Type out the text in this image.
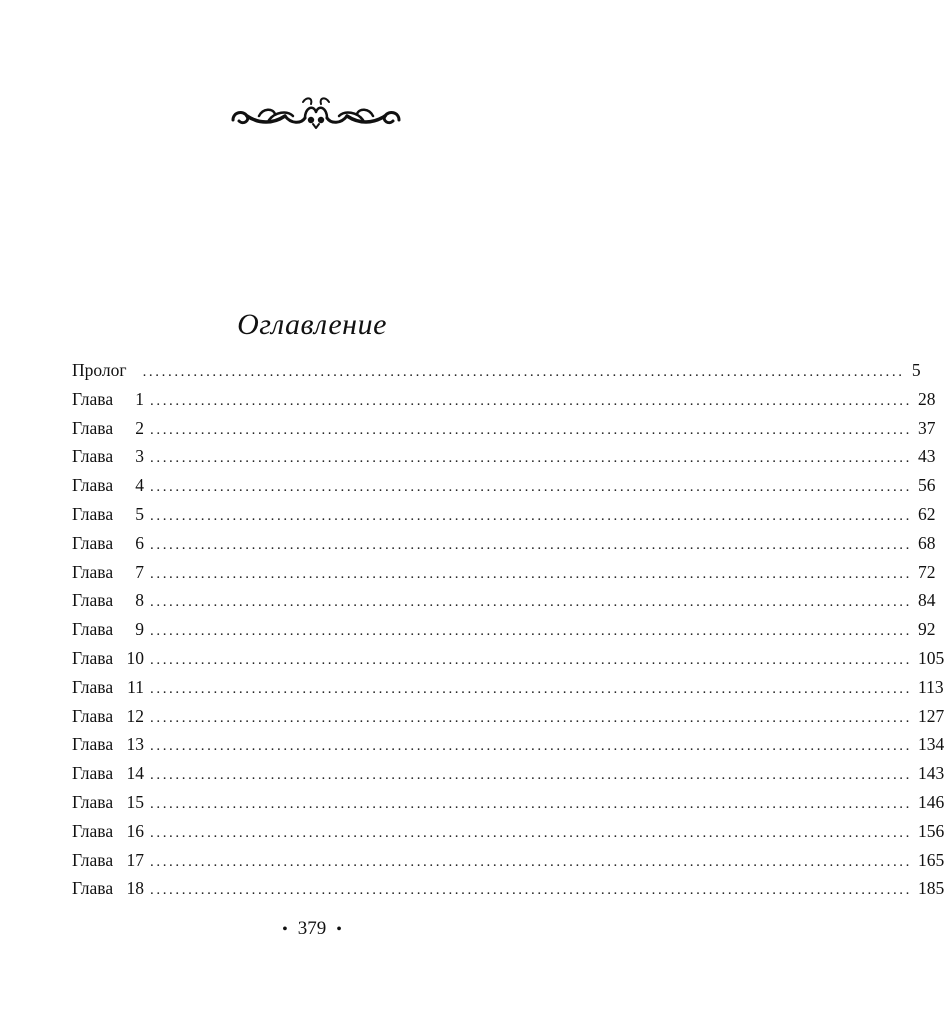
Оглавление
Пролог ........................................................................................................................ 5
Глава 1 ........................................................................................................................ 28
Глава 2 ........................................................................................................................ 37
Глава 3 ........................................................................................................................ 43
Глава 4 ........................................................................................................................ 56
Глава 5 ........................................................................................................................ 62
Глава 6 ........................................................................................................................ 68
Глава 7 ........................................................................................................................ 72
Глава 8 ........................................................................................................................ 84
Глава 9 ........................................................................................................................ 92
Глава 10 ........................................................................................................................ 105
Глава 11 ........................................................................................................................ 113
Глава 12 ........................................................................................................................ 127
Глава 13 ........................................................................................................................ 134
Глава 14 ........................................................................................................................ 143
Глава 15 ........................................................................................................................ 146
Глава 16 ........................................................................................................................ 156
Глава 17 ........................................................................................................................ 165
Глава 18 ........................................................................................................................ 185
• 379 •
